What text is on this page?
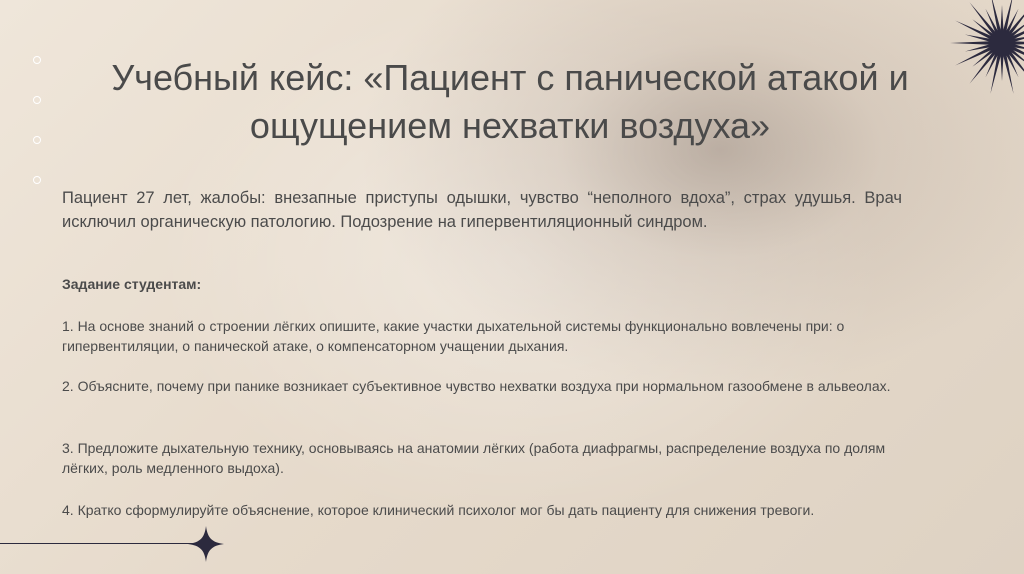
Учебный кейс: «Пациент с панической атакой и ощущением нехватки воздуха»

Пациент 27 лет, жалобы: внезапные приступы одышки, чувство “неполного вдоха”, страх удушья. Врач исключил органическую патологию. Подозрение на гипервентиляционный синдром.

Задание студентам:

1. На основе знаний о строении лёгких опишите, какие участки дыхательной системы функционально вовлечены при: о гипервентиляции, о панической атаке, о компенсаторном учащении дыхания.

2. Объясните, почему при панике возникает субъективное чувство нехватки воздуха при нормальном газообмене в альвеолах.

3. Предложите дыхательную технику, основываясь на анатомии лёгких (работа диафрагмы, распределение воздуха по долям лёгких, роль медленного выдоха).

4. Кратко сформулируйте объяснение, которое клинический психолог мог бы дать пациенту для снижения тревоги.
